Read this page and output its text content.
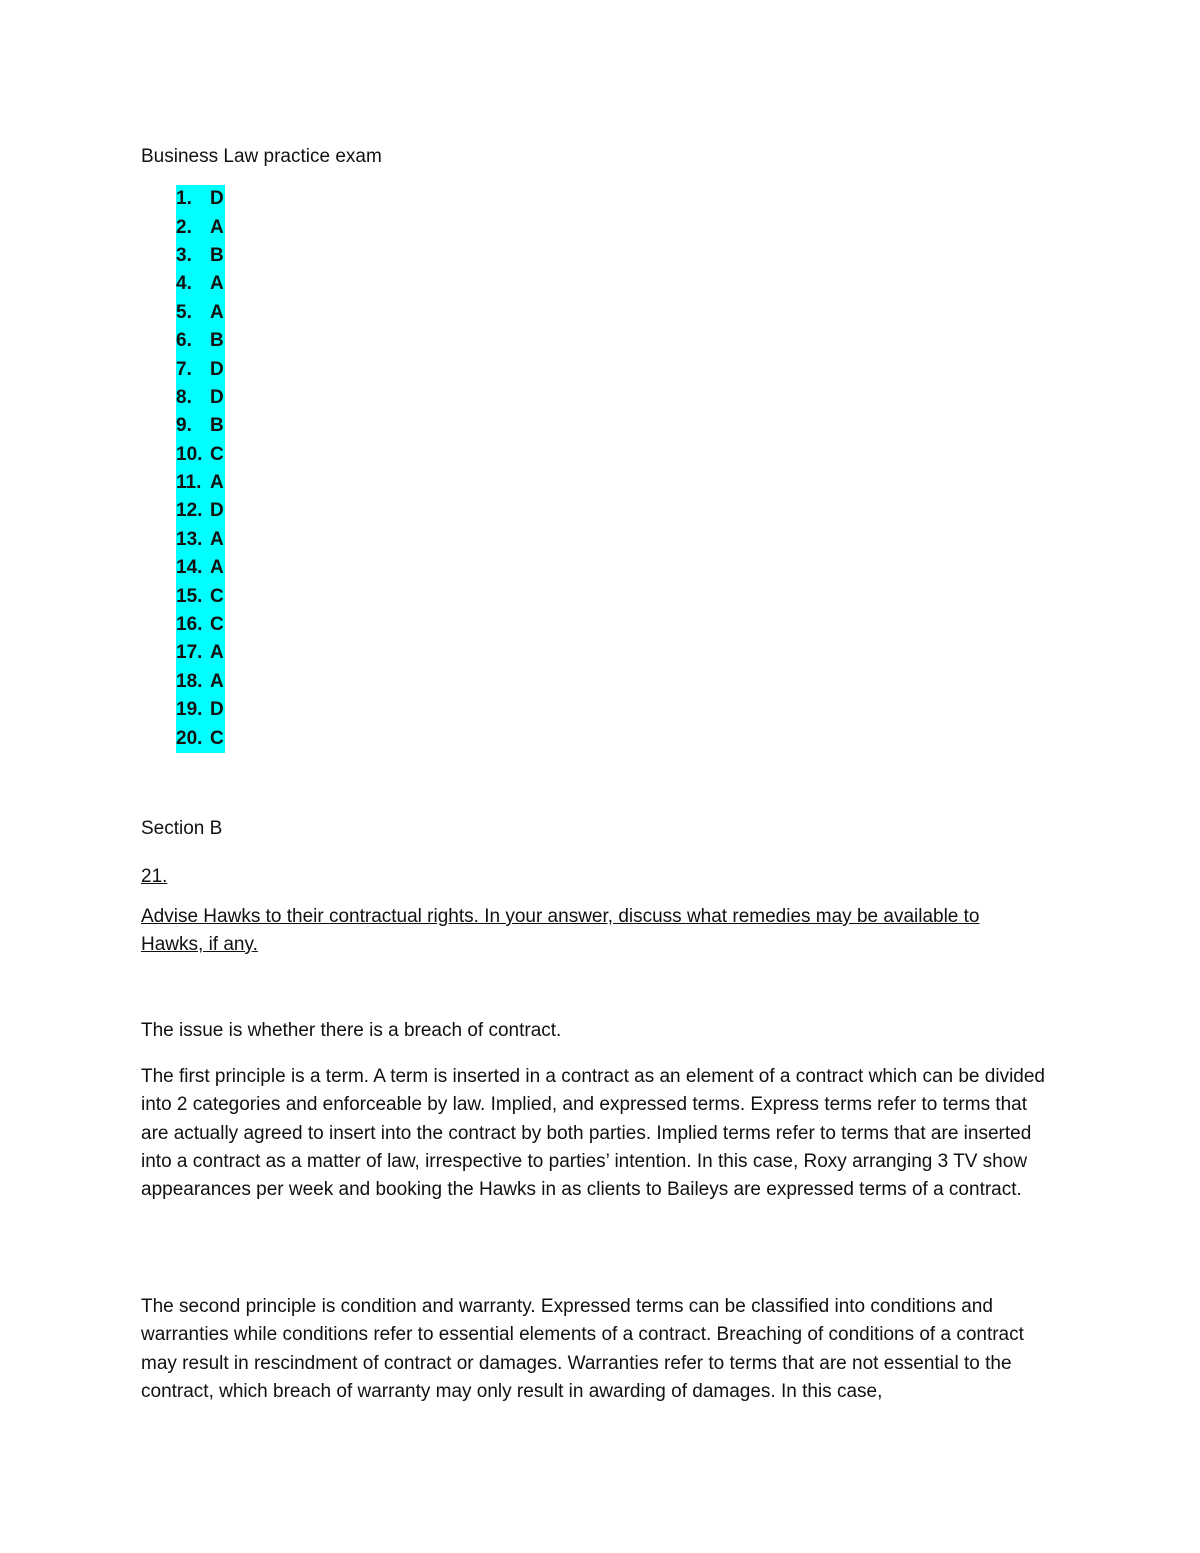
Business Law practice exam
1. D
2. A
3. B
4. A
5. A
6. B
7. D
8. D
9. B
10. C
11. A
12. D
13. A
14. A
15. C
16. C
17. A
18. A
19. D
20. C
Section B
21.
Advise Hawks to their contractual rights. In your answer, discuss what remedies may be available to Hawks, if any.

The issue is whether there is a breach of contract.

The first principle is a term. A term is inserted in a contract as an element of a contract which can be divided into 2 categories and enforceable by law. Implied, and expressed terms. Express terms refer to terms that are actually agreed to insert into the contract by both parties. Implied terms refer to terms that are inserted into a contract as a matter of law, irrespective to parties’ intention. In this case, Roxy arranging 3 TV show appearances per week and booking the Hawks in as clients to Baileys are expressed terms of a contract.

The second principle is condition and warranty. Expressed terms can be classified into conditions and warranties while conditions refer to essential elements of a contract. Breaching of conditions of a contract may result in rescindment of contract or damages. Warranties refer to terms that are not essential to the contract, which breach of warranty may only result in awarding of damages. In this case,
